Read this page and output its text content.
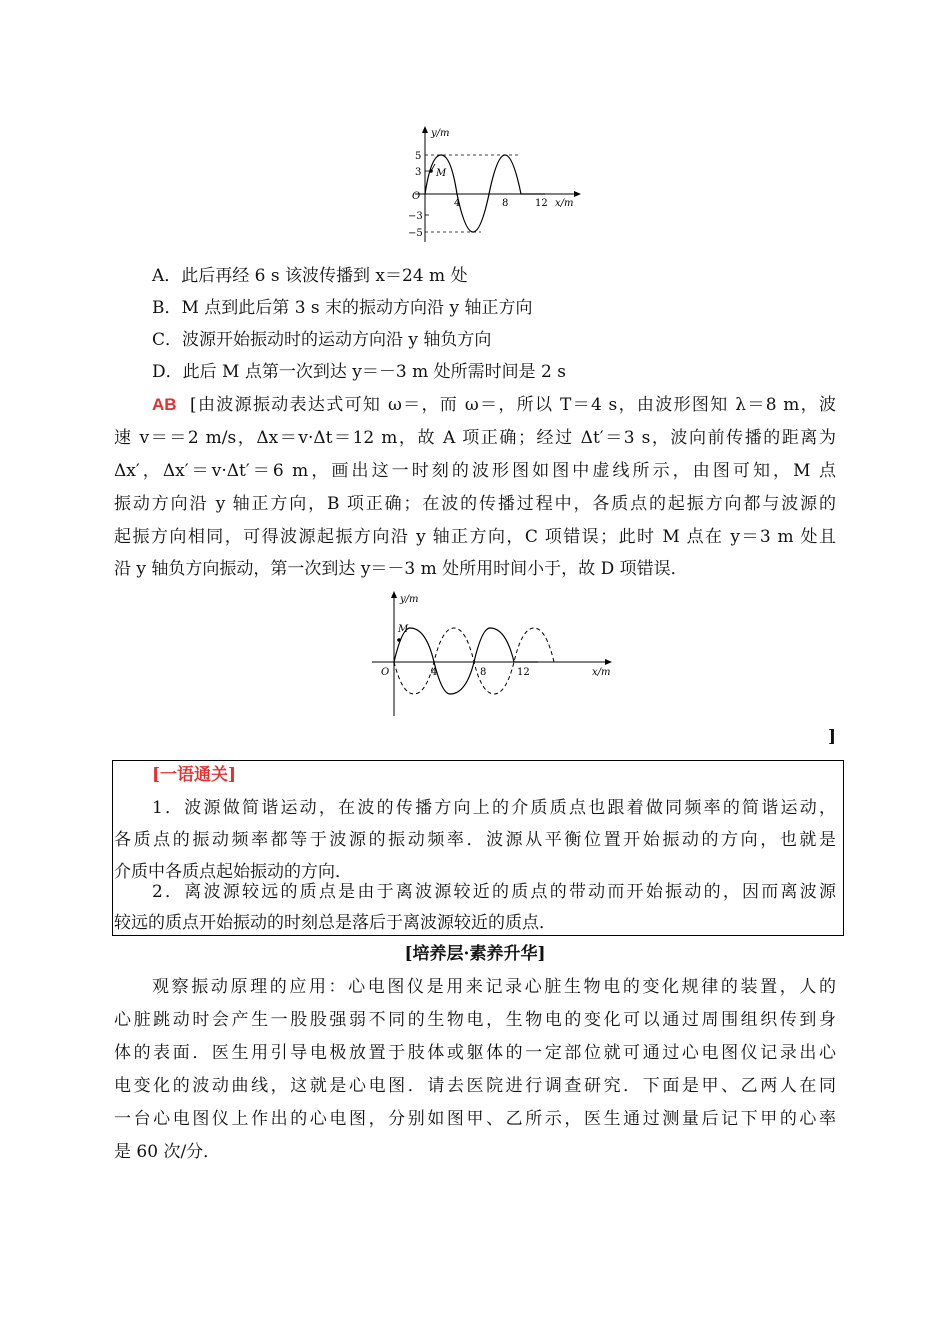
M
y/m
x/m
O
5
3
−3
−5
4	8	12
A．此后再经 6 s 该波传播到 x＝24 m 处
B．M 点到此后第 3 s 末的振动方向沿 y 轴正方向
C．波源开始振动时的运动方向沿 y 轴负方向
D．此后 M 点第一次到达 y＝－3 m 处所需时间是 2 s
AB [由波源振动表达式可知 ω＝，而 ω＝，所以 T＝4 s，由波形图知 λ＝8 m，波
速 v＝＝2 m/s，Δx＝v·Δt＝12 m，故 A 项正确；经过 Δt′＝3 s，波向前传播的距离为
Δx′，Δx′＝v·Δt′＝6 m，画出这一时刻的波形图如图中虚线所示，由图可知，M 点
振动方向沿 y 轴正方向，B 项正确；在波的传播过程中，各质点的起振方向都与波源的
起振方向相同，可得波源起振方向沿 y 轴正方向，C 项错误；此时 M 点在 y＝3 m 处且
沿 y 轴负方向振动，第一次到达 y＝－3 m 处所用时间小于，故 D 项错误．
M
y/m
x/m
O	4	8	12
]
[一语通关]
1．波源做简谐运动，在波的传播方向上的介质质点也跟着做同频率的简谐运动，
各质点的振动频率都等于波源的振动频率．波源从平衡位置开始振动的方向，也就是
介质中各质点起始振动的方向．
2．离波源较远的质点是由于离波源较近的质点的带动而开始振动的，因而离波源
较远的质点开始振动的时刻总是落后于离波源较近的质点．
[培养层·素养升华]
观察振动原理的应用：心电图仪是用来记录心脏生物电的变化规律的装置，人的
心脏跳动时会产生一股股强弱不同的生物电，生物电的变化可以通过周围组织传到身
体的表面．医生用引导电极放置于肢体或躯体的一定部位就可通过心电图仪记录出心
电变化的波动曲线，这就是心电图．请去医院进行调查研究．下面是甲、乙两人在同
一台心电图仪上作出的心电图，分别如图甲、乙所示，医生通过测量后记下甲的心率
是 60 次/分．
